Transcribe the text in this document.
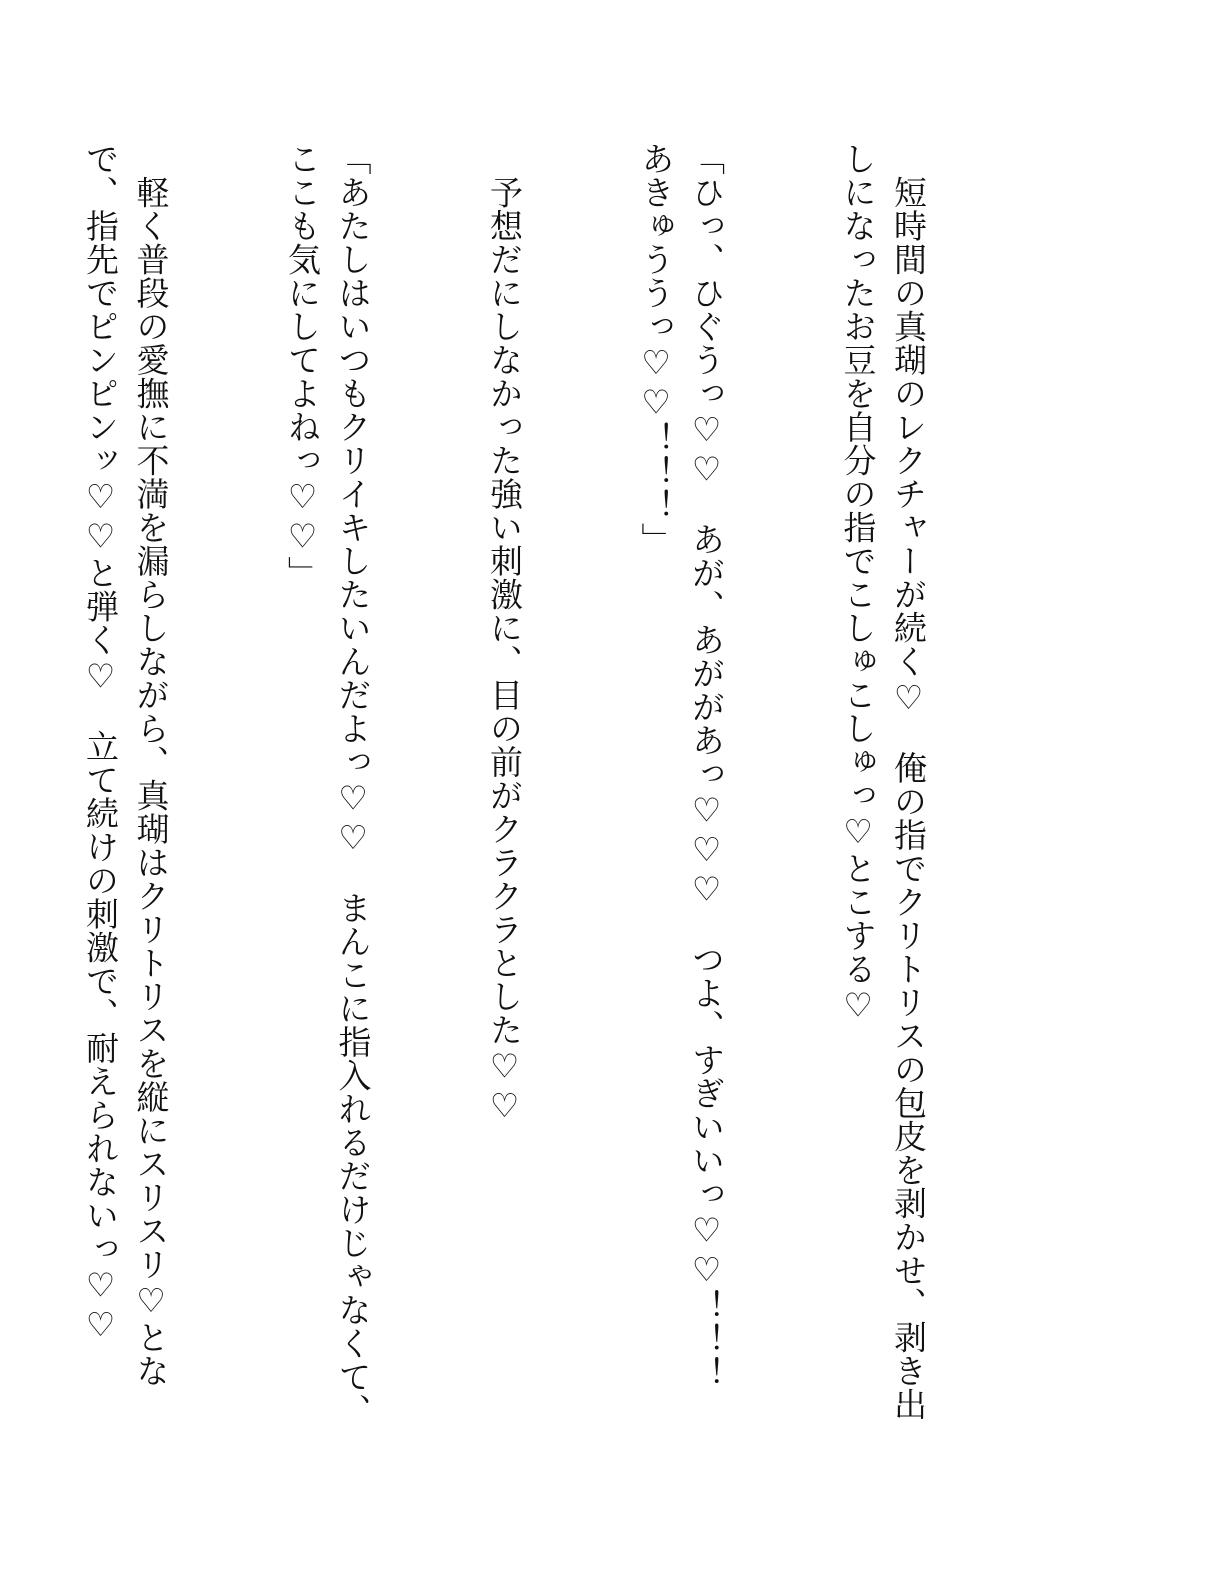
　短時間の真瑚のレクチャーが続く♡　俺の指でクリトリスの包皮を剥かせ、剥き出しになったお豆を自分の指でこしゅこしゅっ♡とこする♡

「ひっ、ひぐうっ♡♡　あが、あががあっ♡♡♡　つよ、すぎいいっ♡♡！！！　あきゅううっ♡♡！！！」

　予想だにしなかった強い刺激に、目の前がクラクラとした♡♡

「あたしはいつもクリイキしたいんだよっ♡♡　まんこに指入れるだけじゃなくて、ここも気にしてよねっ♡♡」

　軽く普段の愛撫に不満を漏らしながら、真瑚はクリトリスを縦にスリスリ♡となで、指先でピンピンッ♡♡と弾く♡　立て続けの刺激で、耐えられないっ♡♡
